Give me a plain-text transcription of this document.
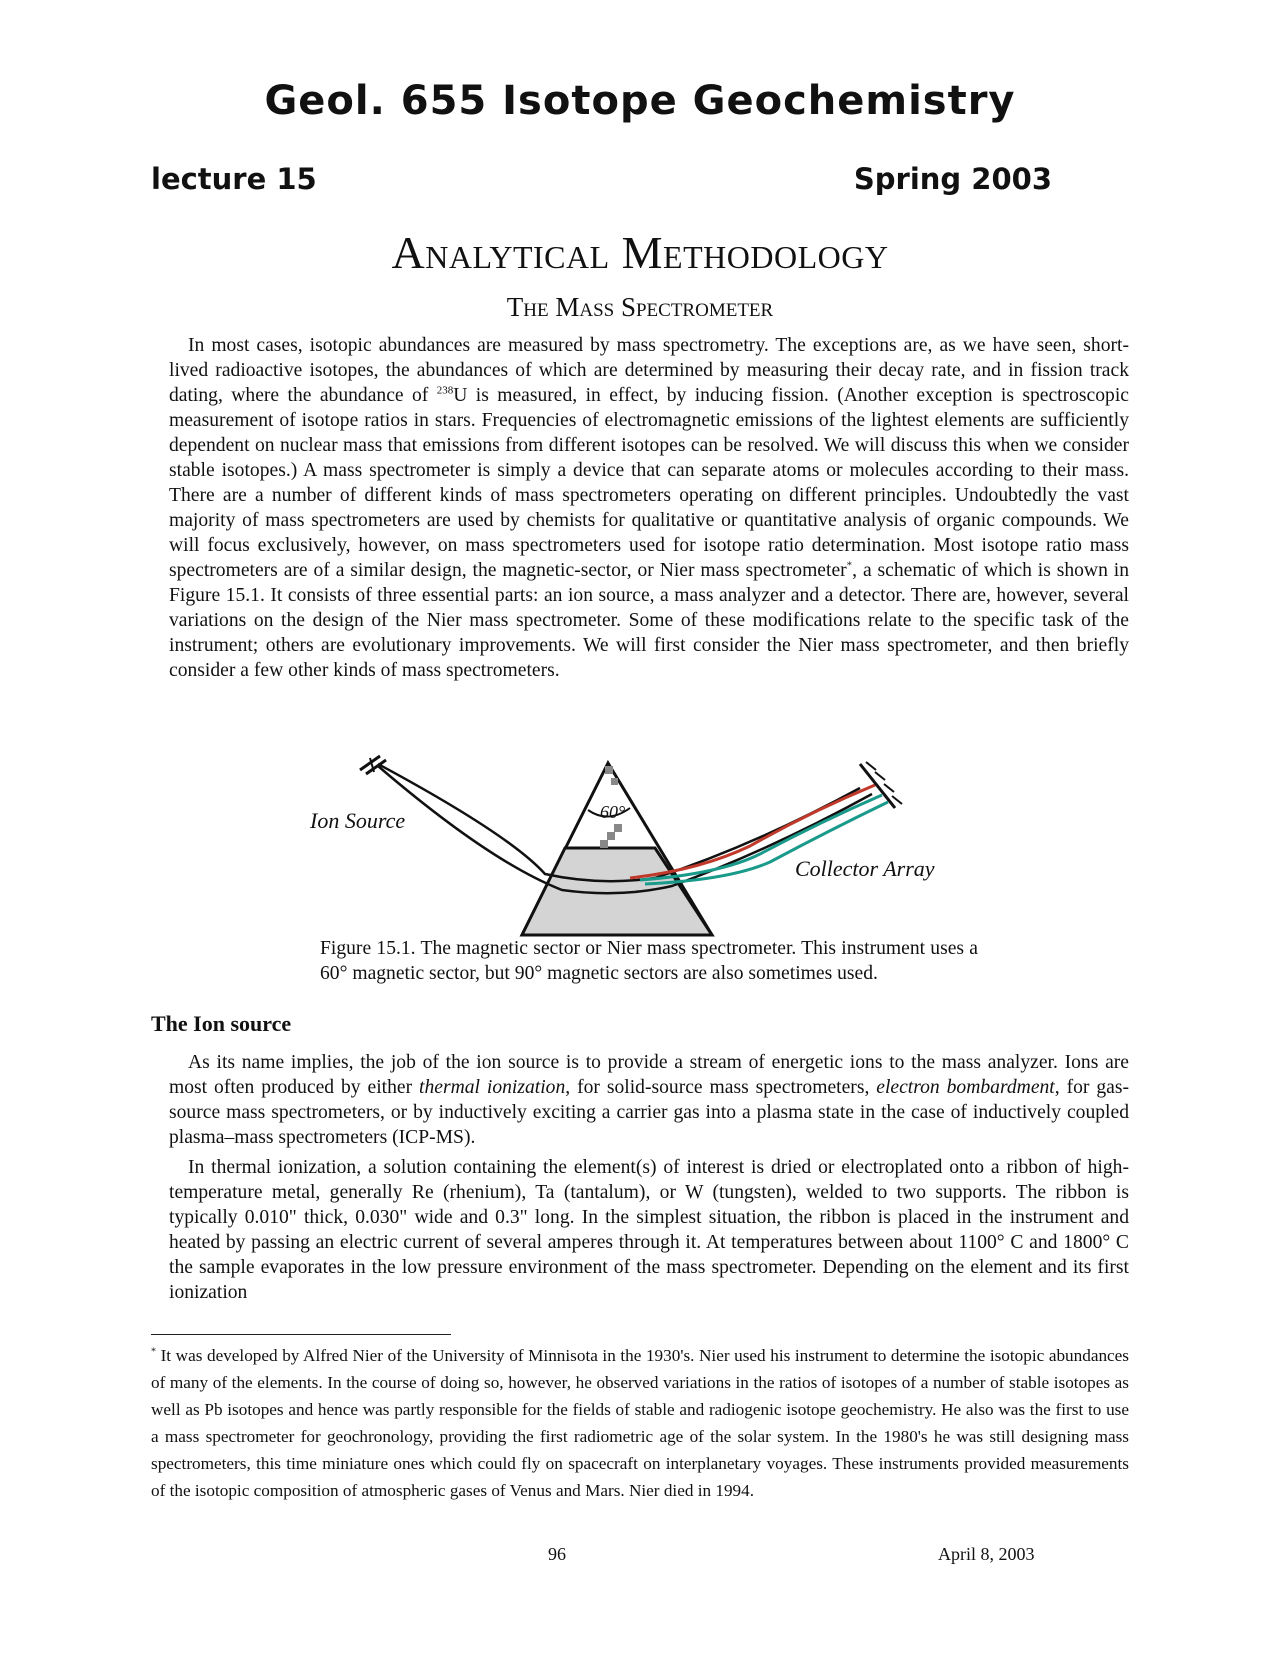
Geol. 655 Isotope Geochemistry
lecture 15	Spring 2003
Analytical Methodology
The Mass Spectrometer

In most cases, isotopic abundances are measured by mass spectrometry. The exceptions are, as we have seen, short-lived radioactive isotopes, the abundances of which are determined by measuring their decay rate, and in fission track dating, where the abundance of $^{238}$U is measured, in effect, by inducing fission. (Another exception is spectroscopic measurement of isotope ratios in stars. Frequencies of electromagnetic emissions of the lightest elements are sufficiently dependent on nuclear mass that emissions from different isotopes can be resolved. We will discuss this when we consider stable isotopes.) A mass spectrometer is simply a device that can separate atoms or molecules according to their mass. There are a number of different kinds of mass spectrometers operating on different principles. Undoubtedly the vast majority of mass spectrometers are used by chemists for qualitative or quantitative analysis of organic compounds. We will focus exclusively, however, on mass spectrometers used for isotope ratio determination. Most isotope ratio mass spectrometers are of a similar design, the magnetic-sector, or Nier mass spectrometer*, a schematic of which is shown in Figure 15.1. It consists of three essential parts: an ion source, a mass analyzer and a detector. There are, however, several variations on the design of the Nier mass spectrometer. Some of these modifications relate to the specific task of the instrument; others are evolutionary improvements. We will first consider the Nier mass spectrometer, and then briefly consider a few other kinds of mass spectrometers.

60°
Ion Source
Collector Array

Figure 15.1. The magnetic sector or Nier mass spectrometer. This instrument uses a 60° magnetic sector, but 90° magnetic sectors are also sometimes used.

The Ion source

As its name implies, the job of the ion source is to provide a stream of energetic ions to the mass analyzer. Ions are most often produced by either thermal ionization, for solid-source mass spectrometers, electron bombardment, for gas-source mass spectrometers, or by inductively exciting a carrier gas into a plasma state in the case of inductively coupled plasma–mass spectrometers (ICP-MS).

In thermal ionization, a solution containing the element(s) of interest is dried or electroplated onto a ribbon of high-temperature metal, generally Re (rhenium), Ta (tantalum), or W (tungsten), welded to two supports. The ribbon is typically 0.010" thick, 0.030" wide and 0.3" long. In the simplest situation, the ribbon is placed in the instrument and heated by passing an electric current of several amperes through it. At temperatures between about 1100° C and 1800° C the sample evaporates in the low pressure environment of the mass spectrometer. Depending on the element and its first ionization

* It was developed by Alfred Nier of the University of Minnisota in the 1930's. Nier used his instrument to determine the isotopic abundances of many of the elements. In the course of doing so, however, he observed variations in the ratios of isotopes of a number of stable isotopes as well as Pb isotopes and hence was partly responsible for the fields of stable and radiogenic isotope geochemistry. He also was the first to use a mass spectrometer for geochronology, providing the first radiometric age of the solar system. In the 1980's he was still designing mass spectrometers, this time miniature ones which could fly on spacecraft on interplanetary voyages. These instruments provided measurements of the isotopic composition of atmospheric gases of Venus and Mars. Nier died in 1994.

96	April 8, 2003
